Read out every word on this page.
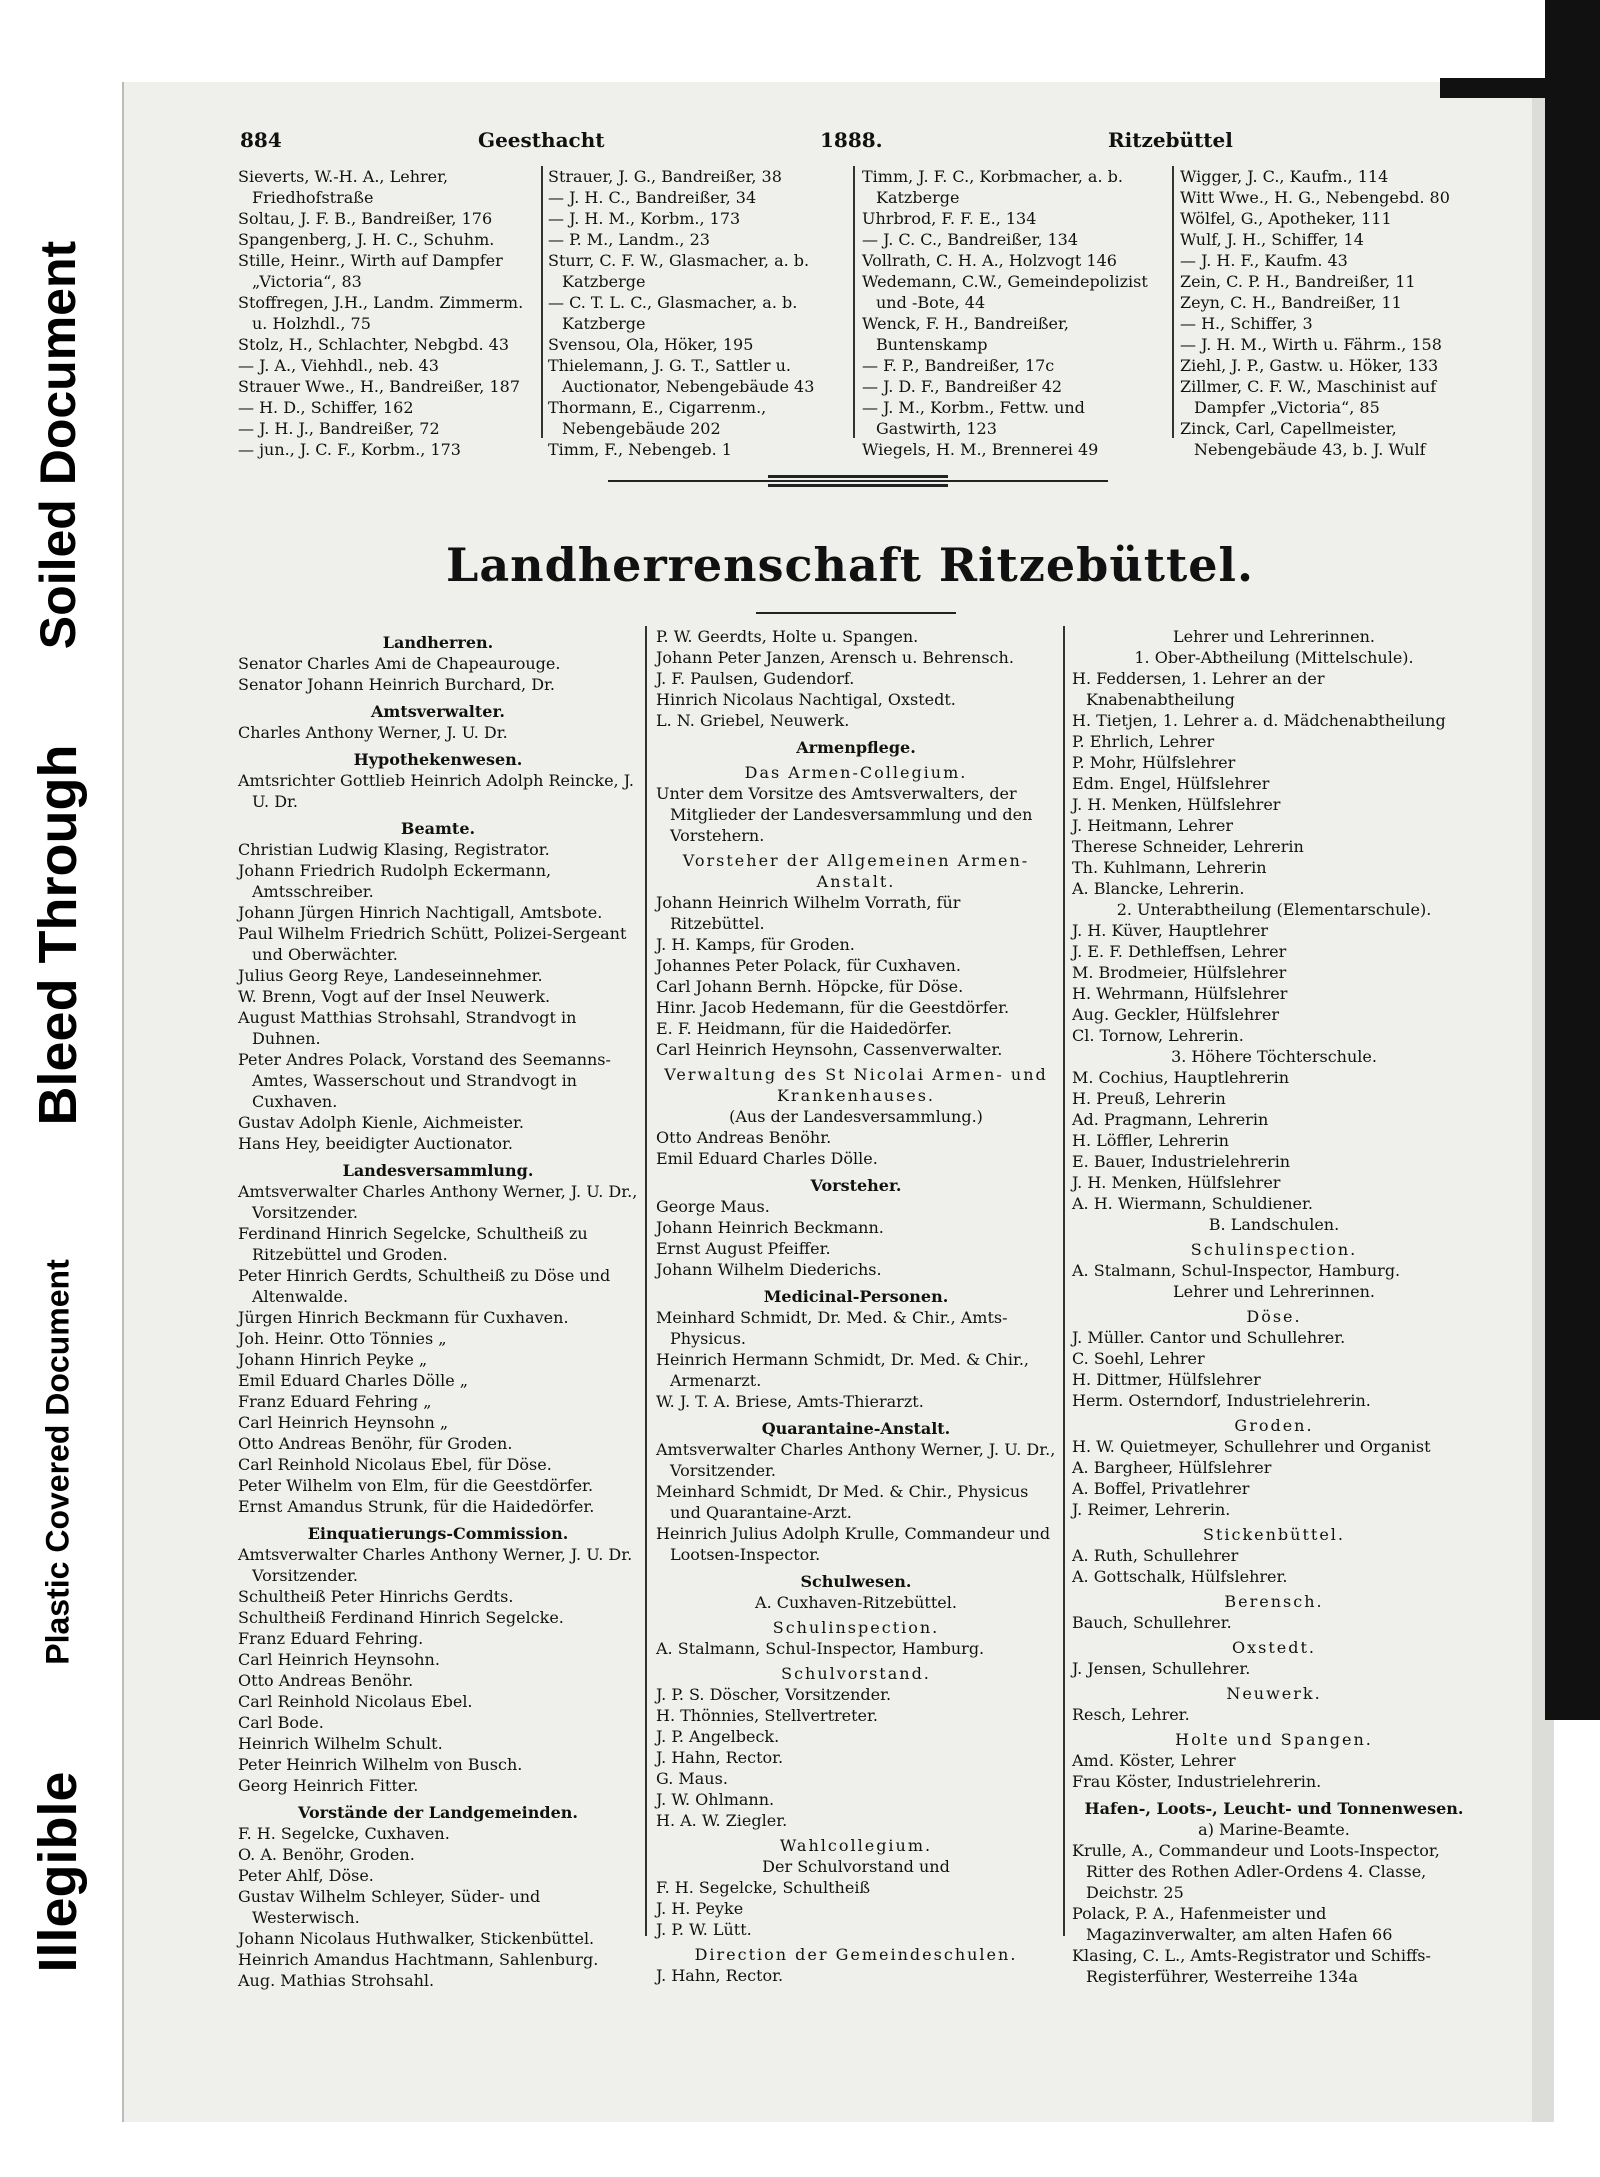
Illegible
Plastic Covered Document
Bleed Through
Soiled Document
884	Geesthacht	1888.	Ritzebüttel

Sieverts, W.-H. A., Lehrer, Friedhofstraße

Soltau, J. F. B., Bandreißer, 176

Spangenberg, J. H. C., Schuhm.

Stille, Heinr., Wirth auf Dampfer „Victoria“, 83

Stoffregen, J.H., Landm. Zimmerm. u. Holzhdl., 75

Stolz, H., Schlachter, Nebgbd. 43

— J. A., Viehhdl., neb. 43

Strauer Wwe., H., Bandreißer, 187

— H. D., Schiffer, 162

— J. H. J., Bandreißer, 72

— jun., J. C. F., Korbm., 173

Strauer, J. G., Bandreißer, 38

— J. H. C., Bandreißer, 34

— J. H. M., Korbm., 173

— P. M., Landm., 23

Sturr, C. F. W., Glasmacher, a. b. Katzberge

— C. T. L. C., Glasmacher, a. b. Katzberge

Svensou, Ola, Höker, 195

Thielemann, J. G. T., Sattler u. Auctionator, Nebengebäude 43

Thormann, E., Cigarrenm., Nebengebäude 202

Timm, F., Nebengeb. 1

Timm, J. F. C., Korbmacher, a. b. Katzberge

Uhrbrod, F. F. E., 134

— J. C. C., Bandreißer, 134

Vollrath, C. H. A., Holzvogt 146

Wedemann, C.W., Gemeindepolizist und -Bote, 44

Wenck, F. H., Bandreißer, Buntenskamp

— F. P., Bandreißer, 17c

— J. D. F., Bandreißer 42

— J. M., Korbm., Fettw. und Gastwirth, 123

Wiegels, H. M., Brennerei 49

Wigger, J. C., Kaufm., 114

Witt Wwe., H. G., Nebengebd. 80

Wölfel, G., Apotheker, 111

Wulf, J. H., Schiffer, 14

— J. H. F., Kaufm. 43

Zein, C. P. H., Bandreißer, 11

Zeyn, C. H., Bandreißer, 11

— H., Schiffer, 3

— J. H. M., Wirth u. Fährm., 158

Ziehl, J. P., Gastw. u. Höker, 133

Zillmer, C. F. W., Maschinist auf Dampfer „Victoria“, 85

Zinck, Carl, Capellmeister, Nebengebäude 43, b. J. Wulf

Landherrenschaft Ritzebüttel.

Landherren.

Senator Charles Ami de Chapeaurouge.

Senator Johann Heinrich Burchard, Dr.

Amtsverwalter.

Charles Anthony Werner, J. U. Dr.

Hypothekenwesen.

Amtsrichter Gottlieb Heinrich Adolph Reincke, J. U. Dr.

Beamte.

Christian Ludwig Klasing, Registrator.

Johann Friedrich Rudolph Eckermann, Amtsschreiber.

Johann Jürgen Hinrich Nachtigall, Amtsbote.

Paul Wilhelm Friedrich Schütt, Polizei-Sergeant und Oberwächter.

Julius Georg Reye, Landeseinnehmer.

W. Brenn, Vogt auf der Insel Neuwerk.

August Matthias Strohsahl, Strandvogt in Duhnen.

Peter Andres Polack, Vorstand des Seemanns-Amtes, Wasserschout und Strandvogt in Cuxhaven.

Gustav Adolph Kienle, Aichmeister.

Hans Hey, beeidigter Auctionator.

Landesversammlung.

Amtsverwalter Charles Anthony Werner, J. U. Dr., Vorsitzender.

Ferdinand Hinrich Segelcke, Schultheiß zu Ritzebüttel und Groden.

Peter Hinrich Gerdts, Schultheiß zu Döse und Altenwalde.

Jürgen Hinrich Beckmann für Cuxhaven.

Joh. Heinr. Otto Tönnies „

Johann Hinrich Peyke „

Emil Eduard Charles Dölle „

Franz Eduard Fehring „

Carl Heinrich Heynsohn „

Otto Andreas Benöhr, für Groden.

Carl Reinhold Nicolaus Ebel, für Döse.

Peter Wilhelm von Elm, für die Geestdörfer.

Ernst Amandus Strunk, für die Haidedörfer.

Einquatierungs-Commission.

Amtsverwalter Charles Anthony Werner, J. U. Dr. Vorsitzender.

Schultheiß Peter Hinrichs Gerdts.

Schultheiß Ferdinand Hinrich Segelcke.

Franz Eduard Fehring.

Carl Heinrich Heynsohn.

Otto Andreas Benöhr.

Carl Reinhold Nicolaus Ebel.

Carl Bode.

Heinrich Wilhelm Schult.

Peter Heinrich Wilhelm von Busch.

Georg Heinrich Fitter.

Vorstände der Landgemeinden.

F. H. Segelcke, Cuxhaven.

O. A. Benöhr, Groden.

Peter Ahlf, Döse.

Gustav Wilhelm Schleyer, Süder- und Westerwisch.

Johann Nicolaus Huthwalker, Stickenbüttel.

Heinrich Amandus Hachtmann, Sahlenburg.

Aug. Mathias Strohsahl.

P. W. Geerdts, Holte u. Spangen.

Johann Peter Janzen, Arensch u. Behrensch.

J. F. Paulsen, Gudendorf.

Hinrich Nicolaus Nachtigal, Oxstedt.

L. N. Griebel, Neuwerk.

Armenpflege.

Das Armen-Collegium.

Unter dem Vorsitze des Amtsverwalters, der Mitglieder der Landesversammlung und den Vorstehern.

Vorsteher der Allgemeinen Armen-Anstalt.

Johann Heinrich Wilhelm Vorrath, für Ritzebüttel.

J. H. Kamps, für Groden.

Johannes Peter Polack, für Cuxhaven.

Carl Johann Bernh. Höpcke, für Döse.

Hinr. Jacob Hedemann, für die Geestdörfer.

E. F. Heidmann, für die Haidedörfer.

Carl Heinrich Heynsohn, Cassenverwalter.

Verwaltung des St Nicolai Armen- und Krankenhauses.

(Aus der Landesversammlung.)

Otto Andreas Benöhr.

Emil Eduard Charles Dölle.

Vorsteher.

George Maus.

Johann Heinrich Beckmann.

Ernst August Pfeiffer.

Johann Wilhelm Diederichs.

Medicinal-Personen.

Meinhard Schmidt, Dr. Med. & Chir., Amts-Physicus.

Heinrich Hermann Schmidt, Dr. Med. & Chir., Armenarzt.

W. J. T. A. Briese, Amts-Thierarzt.

Quarantaine-Anstalt.

Amtsverwalter Charles Anthony Werner, J. U. Dr., Vorsitzender.

Meinhard Schmidt, Dr Med. & Chir., Physicus und Quarantaine-Arzt.

Heinrich Julius Adolph Krulle, Commandeur und Lootsen-Inspector.

Schulwesen.

A. Cuxhaven-Ritzebüttel.

Schulinspection.

A. Stalmann, Schul-Inspector, Hamburg.

Schulvorstand.

J. P. S. Döscher, Vorsitzender.

H. Thönnies, Stellvertreter.

J. P. Angelbeck.

J. Hahn, Rector.

G. Maus.

J. W. Ohlmann.

H. A. W. Ziegler.

Wahlcollegium.

Der Schulvorstand und

F. H. Segelcke, Schultheiß

J. H. Peyke

J. P. W. Lütt.

Direction der Gemeindeschulen.

J. Hahn, Rector.

Lehrer und Lehrerinnen.

1. Ober-Abtheilung (Mittelschule).

H. Feddersen, 1. Lehrer an der Knabenabtheilung

H. Tietjen, 1. Lehrer a. d. Mädchenabtheilung

P. Ehrlich, Lehrer

P. Mohr, Hülfslehrer

Edm. Engel, Hülfslehrer

J. H. Menken, Hülfslehrer

J. Heitmann, Lehrer

Therese Schneider, Lehrerin

Th. Kuhlmann, Lehrerin

A. Blancke, Lehrerin.

2. Unterabtheilung (Elementarschule).

J. H. Küver, Hauptlehrer

J. E. F. Dethleffsen, Lehrer

M. Brodmeier, Hülfslehrer

H. Wehrmann, Hülfslehrer

Aug. Geckler, Hülfslehrer

Cl. Tornow, Lehrerin.

3. Höhere Töchterschule.

M. Cochius, Hauptlehrerin

H. Preuß, Lehrerin

Ad. Pragmann, Lehrerin

H. Löffler, Lehrerin

E. Bauer, Industrielehrerin

J. H. Menken, Hülfslehrer

A. H. Wiermann, Schuldiener.

B. Landschulen.

Schulinspection.

A. Stalmann, Schul-Inspector, Hamburg.

Lehrer und Lehrerinnen.

Döse.

J. Müller. Cantor und Schullehrer.

C. Soehl, Lehrer

H. Dittmer, Hülfslehrer

Herm. Osterndorf, Industrielehrerin.

Groden.

H. W. Quietmeyer, Schullehrer und Organist

A. Bargheer, Hülfslehrer

A. Boffel, Privatlehrer

J. Reimer, Lehrerin.

Stickenbüttel.

A. Ruth, Schullehrer

A. Gottschalk, Hülfslehrer.

Berensch.

Bauch, Schullehrer.

Oxstedt.

J. Jensen, Schullehrer.

Neuwerk.

Resch, Lehrer.

Holte und Spangen.

Amd. Köster, Lehrer

Frau Köster, Industrielehrerin.

Hafen-, Loots-, Leucht- und Tonnenwesen.

a) Marine-Beamte.

Krulle, A., Commandeur und Loots-Inspector, Ritter des Rothen Adler-Ordens 4. Classe, Deichstr. 25

Polack, P. A., Hafenmeister und Magazinverwalter, am alten Hafen 66

Klasing, C. L., Amts-Registrator und Schiffs-Registerführer, Westerreihe 134a
